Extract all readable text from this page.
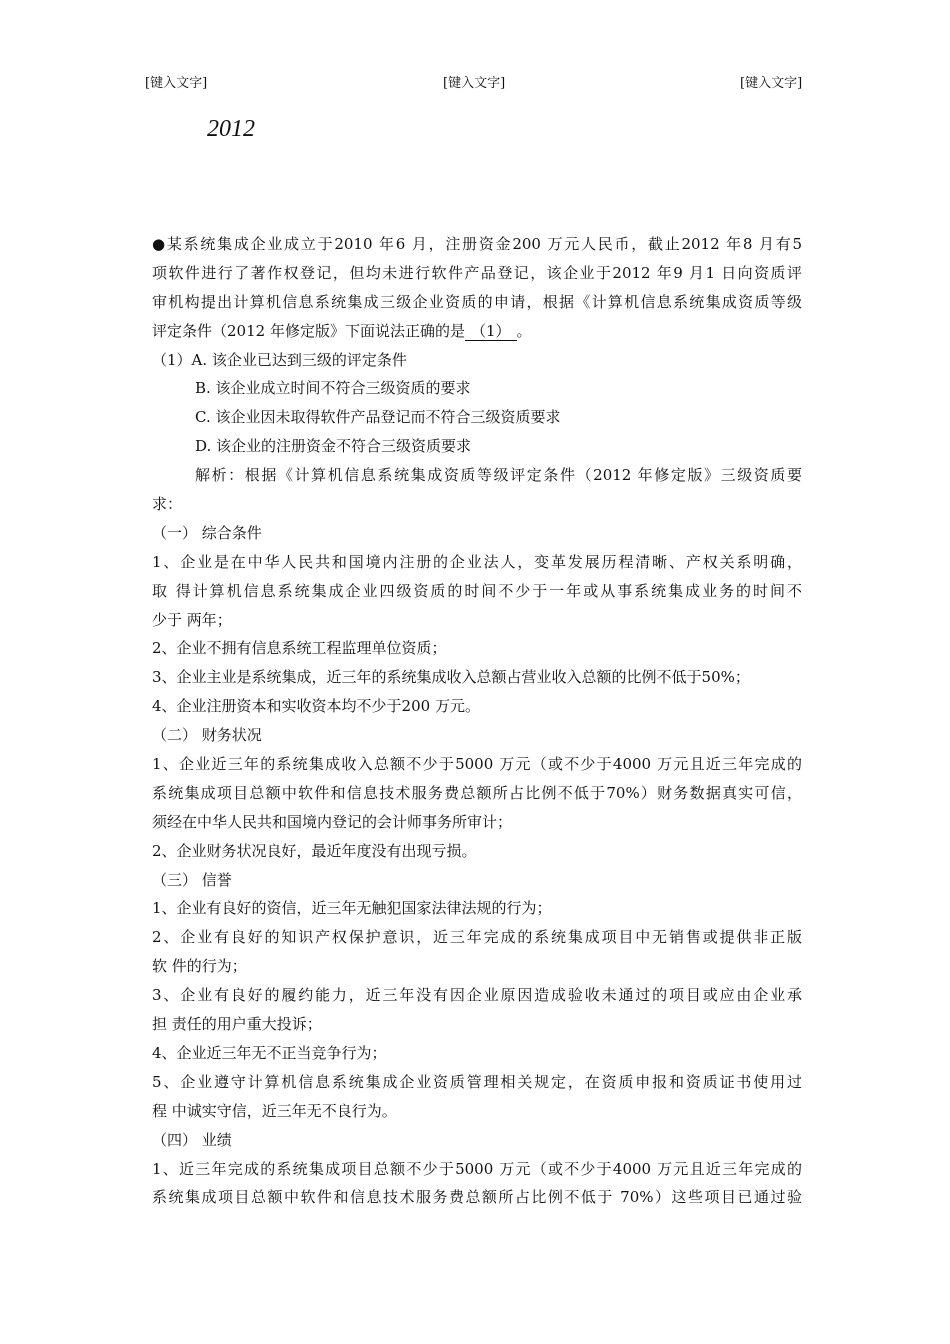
[键入文字]	[键入文字]	[键入文字]
2012
●某系统集成企业成立于2010 年6 月，注册资金200 万元人民币，截止2012 年8 月有5
项软件进行了著作权登记，但均未进行软件产品登记，该企业于2012 年9 月1 日向资质评
审机构提出计算机信息系统集成三级企业资质的申请，根据《计算机信息系统集成资质等级
评定条件（2012 年修定版》下面说法正确的是 （1） 。
（1）A. 该企业已达到三级的评定条件
B. 该企业成立时间不符合三级资质的要求
C. 该企业因未取得软件产品登记而不符合三级资质要求
D. 该企业的注册资金不符合三级资质要求
解析：根据《计算机信息系统集成资质等级评定条件（2012 年修定版》三级资质要
求：
（一） 综合条件
1、企业是在中华人民共和国境内注册的企业法人，变革发展历程清晰、产权关系明确，
取 得计算机信息系统集成企业四级资质的时间不少于一年或从事系统集成业务的时间不
少于 两年；
2、企业不拥有信息系统工程监理单位资质；
3、企业主业是系统集成，近三年的系统集成收入总额占营业收入总额的比例不低于50%；
4、企业注册资本和实收资本均不少于200 万元。
（二） 财务状况
1、企业近三年的系统集成收入总额不少于5000 万元（或不少于4000 万元且近三年完成的
系统集成项目总额中软件和信息技术服务费总额所占比例不低于70%）财务数据真实可信，
须经在中华人民共和国境内登记的会计师事务所审计；
2、企业财务状况良好，最近年度没有出现亏损。
（三） 信誉
1、企业有良好的资信，近三年无触犯国家法律法规的行为；
2、企业有良好的知识产权保护意识，近三年完成的系统集成项目中无销售或提供非正版
软 件的行为；
3、企业有良好的履约能力，近三年没有因企业原因造成验收未通过的项目或应由企业承
担 责任的用户重大投诉；
4、企业近三年无不正当竞争行为；
5、企业遵守计算机信息系统集成企业资质管理相关规定，在资质申报和资质证书使用过
程 中诚实守信，近三年无不良行为。
（四） 业绩
1、近三年完成的系统集成项目总额不少于5000 万元（或不少于4000 万元且近三年完成的
系统集成项目总额中软件和信息技术服务费总额所占比例不低于 70%）这些项目已通过验
